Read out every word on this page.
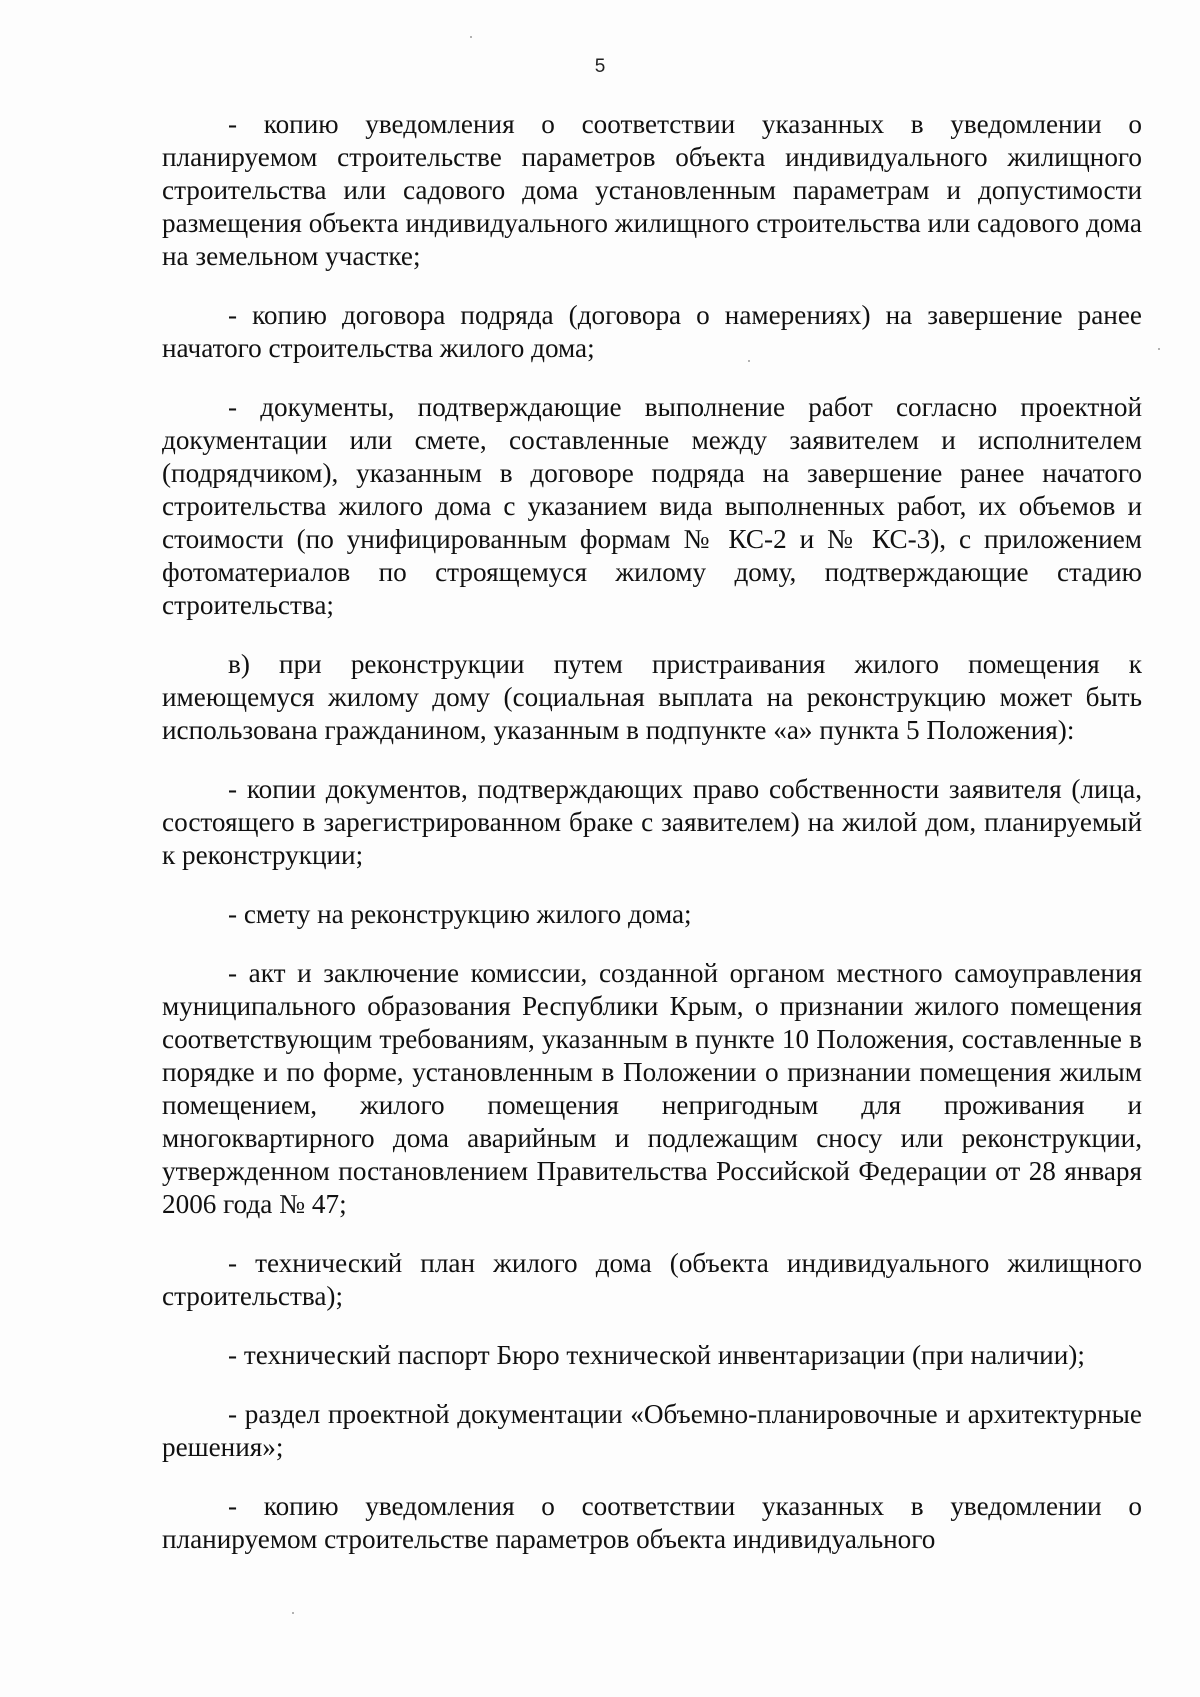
5

- копию уведомления о соответствии указанных в уведомлении о планируемом строительстве параметров объекта индивидуального жилищного строительства или садового дома установленным параметрам и допустимости размещения объекта индивидуального жилищного строительства или садового дома на земельном участке;

- копию договора подряда (договора о намерениях) на завершение ранее начатого строительства жилого дома;

- документы, подтверждающие выполнение работ согласно проектной документации или смете, составленные между заявителем и исполнителем (подрядчиком), указанным в договоре подряда на завершение ранее начатого строительства жилого дома с указанием вида выполненных работ, их объемов и стоимости (по унифицированным формам № КС-2 и № КС-3), с приложением фотоматериалов по строящемуся жилому дому, подтверждающие стадию строительства;

в) при реконструкции путем пристраивания жилого помещения к имеющемуся жилому дому (социальная выплата на реконструкцию может быть использована гражданином, указанным в подпункте «а» пункта 5 Положения):

- копии документов, подтверждающих право собственности заявителя (лица, состоящего в зарегистрированном браке с заявителем) на жилой дом, планируемый к реконструкции;

- смету на реконструкцию жилого дома;

- акт и заключение комиссии, созданной органом местного самоуправления муниципального образования Республики Крым, о признании жилого помещения соответствующим требованиям, указанным в пункте 10 Положения, составленные в порядке и по форме, установленным в Положении о признании помещения жилым помещением, жилого помещения непригодным для проживания и многоквартирного дома аварийным и подлежащим сносу или реконструкции, утвержденном постановлением Правительства Российской Федерации от 28 января 2006 года № 47;

- технический план жилого дома (объекта индивидуального жилищного строительства);

- технический паспорт Бюро технической инвентаризации (при наличии);

- раздел проектной документации «Объемно-планировочные и архитектурные решения»;

- копию уведомления о соответствии указанных в уведомлении о планируемом строительстве параметров объекта индивидуального
